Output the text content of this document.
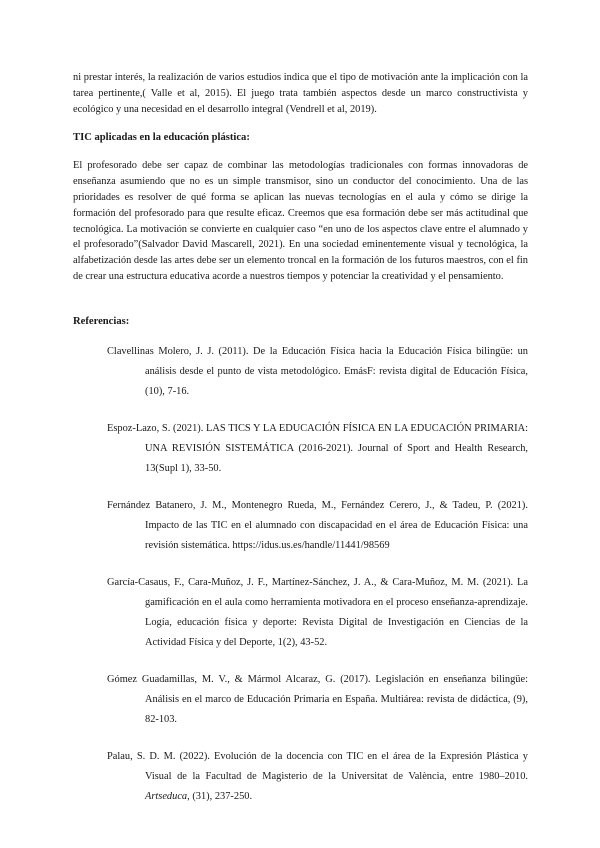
ni prestar interés, la realización de varios estudios indica que el tipo de motivación ante la implicación con la tarea pertinente,( Valle et al, 2015). El juego trata también aspectos desde un marco constructivista y ecológico y una necesidad en el desarrollo integral (Vendrell et al, 2019).

TIC aplicadas en la educación plástica:

El profesorado debe ser capaz de combinar las metodologías tradicionales con formas innovadoras de enseñanza asumiendo que no es un simple transmisor, sino un conductor del conocimiento. Una de las prioridades es resolver de qué forma se aplican las nuevas tecnologías en el aula y cómo se dirige la formación del profesorado para que resulte eficaz. Creemos que esa formación debe ser más actitudinal que tecnológica. La motivación se convierte en cualquier caso “en uno de los aspectos clave entre el alumnado y el profesorado”(Salvador David Mascarell, 2021). En una sociedad eminentemente visual y tecnológica, la alfabetización desde las artes debe ser un elemento troncal en la formación de los futuros maestros, con el fin de crear una estructura educativa acorde a nuestros tiempos y potenciar la creatividad y el pensamiento.

Referencias:

Clavellinas Molero, J. J. (2011). De la Educación Física hacia la Educación Física bilingüe: un análisis desde el punto de vista metodológico. EmásF: revista digital de Educación Física, (10), 7-16.

Espoz-Lazo, S. (2021). LAS TICS Y LA EDUCACIÓN FÍSICA EN LA EDUCACIÓN PRIMARIA: UNA REVISIÓN SISTEMÁTICA (2016-2021). Journal of Sport and Health Research, 13(Supl 1), 33-50.

Fernández Batanero, J. M., Montenegro Rueda, M., Fernández Cerero, J., & Tadeu, P. (2021). Impacto de las TIC en el alumnado con discapacidad en el área de Educación Física: una revisión sistemática. https://idus.us.es/handle/11441/98569

García-Casaus, F., Cara-Muñoz, J. F., Martínez-Sánchez, J. A., & Cara-Muñoz, M. M. (2021). La gamificación en el aula como herramienta motivadora en el proceso enseñanza-aprendizaje. Logía, educación física y deporte: Revista Digital de Investigación en Ciencias de la Actividad Física y del Deporte, 1(2), 43-52.

Gómez Guadamillas, M. V., & Mármol Alcaraz, G. (2017). Legislación en enseñanza bilingüe: Análisis en el marco de Educación Primaria en España. Multiárea: revista de didáctica, (9), 82-103.

Palau, S. D. M. (2022). Evolución de la docencia con TIC en el área de la Expresión Plástica y Visual de la Facultad de Magisterio de la Universitat de València, entre 1980–2010. Artseduca, (31), 237-250.
